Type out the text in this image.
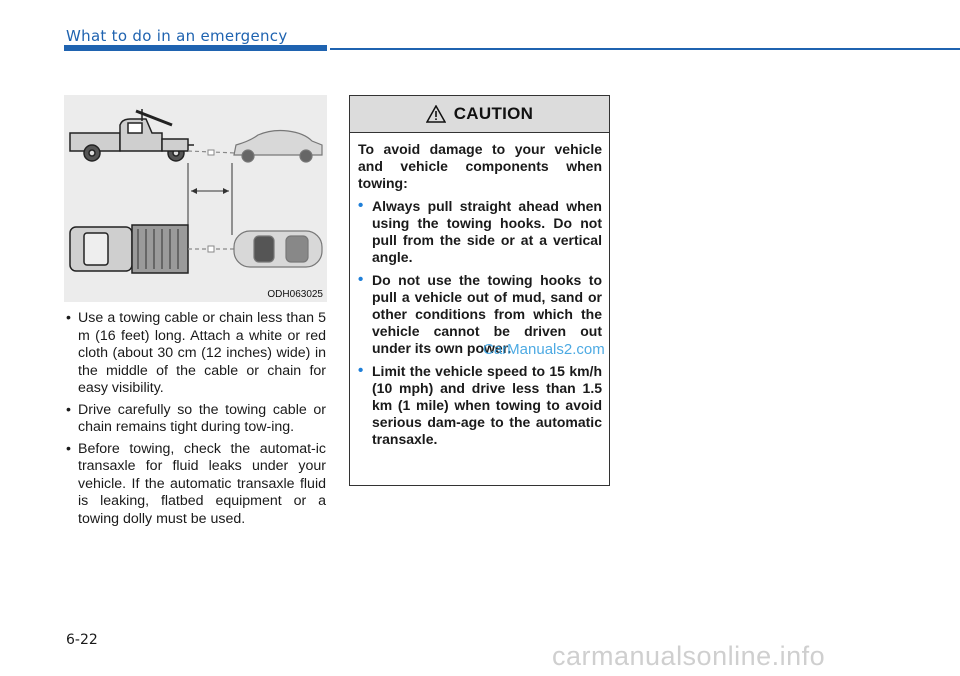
What to do in an emergency
ODH063025
• Use a towing cable or chain less than 5 m (16 feet) long. Attach a white or red cloth (about 30 cm (12 inches) wide) in the middle of the cable or chain for easy visibility.
• Drive carefully so the towing cable or chain remains tight during tow-ing.
• Before towing, check the automat-ic transaxle for fluid leaks under your vehicle. If the automatic transaxle fluid is leaking, flatbed equipment or a towing dolly must be used.
CAUTION

To avoid damage to your vehicle and vehicle components when towing:

• Always pull straight ahead when using the towing hooks. Do not pull from the side or at a vertical angle.
• Do not use the towing hooks to pull a vehicle out of mud, sand or other conditions from which the vehicle cannot be driven out under its own power.
• Limit the vehicle speed to 15 km/h (10 mph) and drive less than 1.5 km (1 mile) when towing to avoid serious dam-age to the automatic transaxle.
CarManuals2.com
6-22
carmanualsonline.info
